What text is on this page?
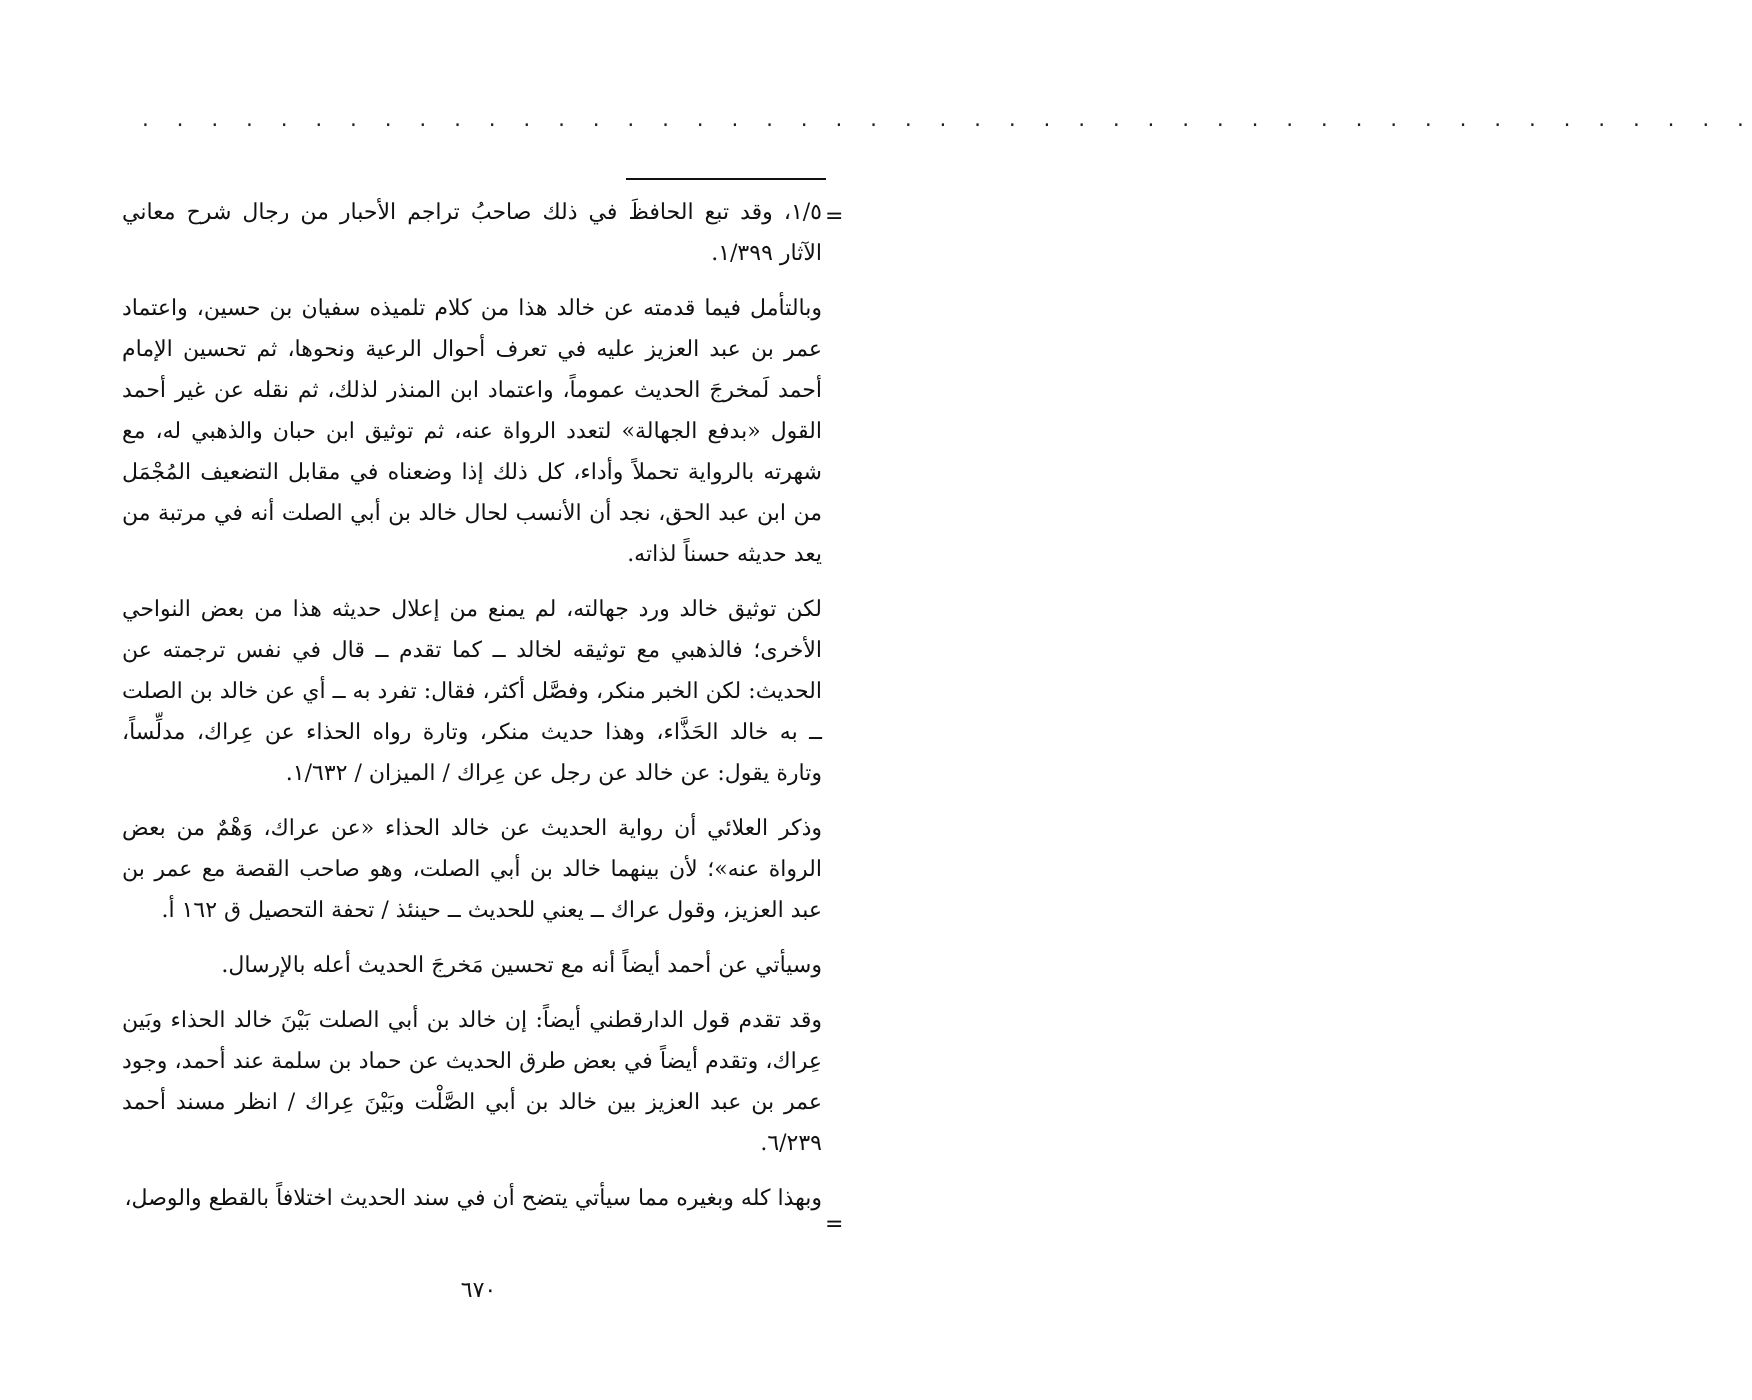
. . . . . . . . . . . . . . . . . . . . . . . . . . . . . . . . . . . . . . . . . . . . . . .
=

١/٥، وقد تبع الحافظَ في ذلك صاحبُ تراجم الأحبار من رجال شرح معاني الآثار ١/٣٩٩.

وبالتأمل فيما قدمته عن خالد هذا من كلام تلميذه سفيان بن حسين، واعتماد عمر بن عبد العزيز عليه في تعرف أحوال الرعية ونحوها، ثم تحسين الإمام أحمد لَمخرجَ الحديث عموماً، واعتماد ابن المنذر لذلك، ثم نقله عن غير أحمد القول «بدفع الجهالة» لتعدد الرواة عنه، ثم توثيق ابن حبان والذهبي له، مع شهرته بالرواية تحملاً وأداء، كل ذلك إذا وضعناه في مقابل التضعيف المُجْمَل من ابن عبد الحق، نجد أن الأنسب لحال خالد بن أبي الصلت أنه في مرتبة من يعد حديثه حسناً لذاته.

لكن توثيق خالد ورد جهالته، لم يمنع من إعلال حديثه هذا من بعض النواحي الأخرى؛ فالذهبي مع توثيقه لخالد ــ كما تقدم ــ قال في نفس ترجمته عن الحديث: لكن الخبر منكر، وفصَّل أكثر، فقال: تفرد به ــ أي عن خالد بن الصلت ــ به خالد الحَذَّاء، وهذا حديث منكر، وتارة رواه الحذاء عن عِراك، مدلِّساً، وتارة يقول: عن خالد عن رجل عن عِراك / الميزان / ١/٦٣٢.

وذكر العلائي أن رواية الحديث عن خالد الحذاء «عن عراك، وَهْمٌ من بعض الرواة عنه»؛ لأن بينهما خالد بن أبي الصلت، وهو صاحب القصة مع عمر بن عبد العزيز، وقول عراك ــ يعني للحديث ــ حينئذ / تحفة التحصيل ق ١٦٢ أ.

وسيأتي عن أحمد أيضاً أنه مع تحسين مَخرجَ الحديث أعله بالإرسال.

وقد تقدم قول الدارقطني أيضاً: إن خالد بن أبي الصلت بَيْنَ خالد الحذاء وبَين عِراك، وتقدم أيضاً في بعض طرق الحديث عن حماد بن سلمة عند أحمد، وجود عمر بن عبد العزيز بين خالد بن أبي الصَّلْت وبَيْنَ عِراك / انظر مسند أحمد ٦/٢٣٩.

وبهذا كله وبغيره مما سيأتي يتضح أن في سند الحديث اختلافاً بالقطع والوصل،

=
٦٧٠
